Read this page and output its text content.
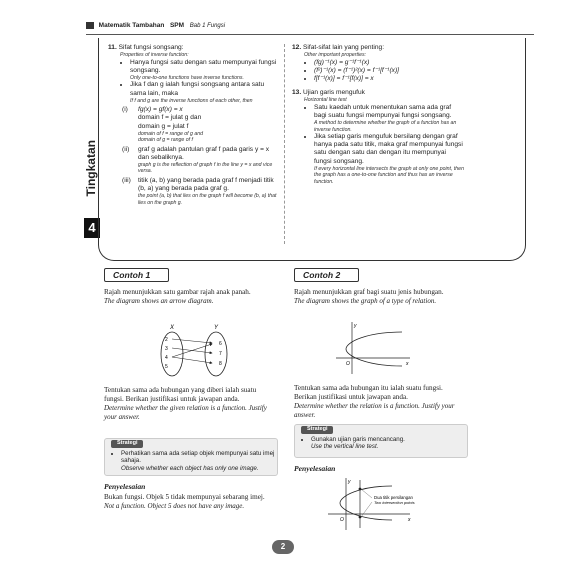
Matematik Tambahan SPM Bab 1 Fungsi
Tingkatan
4
11. Sifat fungsi songsang:
Properties of inverse function:
• Hanya fungsi satu dengan satu mempunyai fungsi songsang.
Only one-to-one functions have inverse functions.
• Jika f dan g ialah fungsi songsang antara satu sama lain, maka
If f and g are the inverse functions of each other, then
(i)	fg(x) = gf(x) = x
domain f = julat g dan
domain g = julat f
domain of f = range of g and
domain of g = range of f
(ii)	graf g adalah pantulan graf f pada garis y = x dan sebaliknya.
graph g is the reflection of graph f in the line y = x and vice versa.
(iii)	titik (a, b) yang berada pada graf f menjadi titik (b, a) yang berada pada graf g.
the point (a, b) that lies on the graph f will become (b, a) that lies on the graph g.
12. Sifat-sifat lain yang penting:
Other important properties:
• (fg)⁻¹(x) = g⁻¹f⁻¹(x)
• (f²)⁻¹(x) = (f⁻¹)²(x) = f⁻¹[f⁻¹(x)]
• f[f⁻¹(x)] = f⁻¹[f(x)] = x
13. Ujian garis mengufuk
Horizontal line test
• Satu kaedah untuk menentukan sama ada graf bagi suatu fungsi mempunyai fungsi songsang.
A method to determine whether the graph of a function has an inverse function.
• Jika setiap garis mengufuk bersilang dengan graf hanya pada satu titik, maka graf mempunyai fungsi satu dengan satu dan dengan itu mempunyai fungsi songsang.
If every horizontal line intersects the graph at only one point, then the graph has a one-to-one function and thus has an inverse function.
Contoh 1
Rajah menunjukkan satu gambar rajah anak panah.
The diagram shows an arrow diagram.
X	Y
2
3
4
5
6
7
8
Tentukan sama ada hubungan yang diberi ialah suatu fungsi. Berikan justifikasi untuk jawapan anda.
Determine whether the given relation is a function. Justify your answer.
Strategi
• Perhatikan sama ada setiap objek mempunyai satu imej sahaja.
Observe whether each object has only one image.
Penyelesaian
Bukan fungsi. Objek 5 tidak mempunyai sebarang imej.
Not a function. Object 5 does not have any image.
Contoh 2
Rajah menunjukkan graf bagi suatu jenis hubungan.
The diagram shows the graph of a type of relation.
y
x
O
Tentukan sama ada hubungan itu ialah suatu fungsi. Berikan justifikasi untuk jawapan anda.
Determine whether the relation is a function. Justify your answer.
Strategi
• Gunakan ujian garis mencancang.
Use the vertical line test.
Penyelesaian
y
x
O
Dua titik persilangan
Two intersection points
2
